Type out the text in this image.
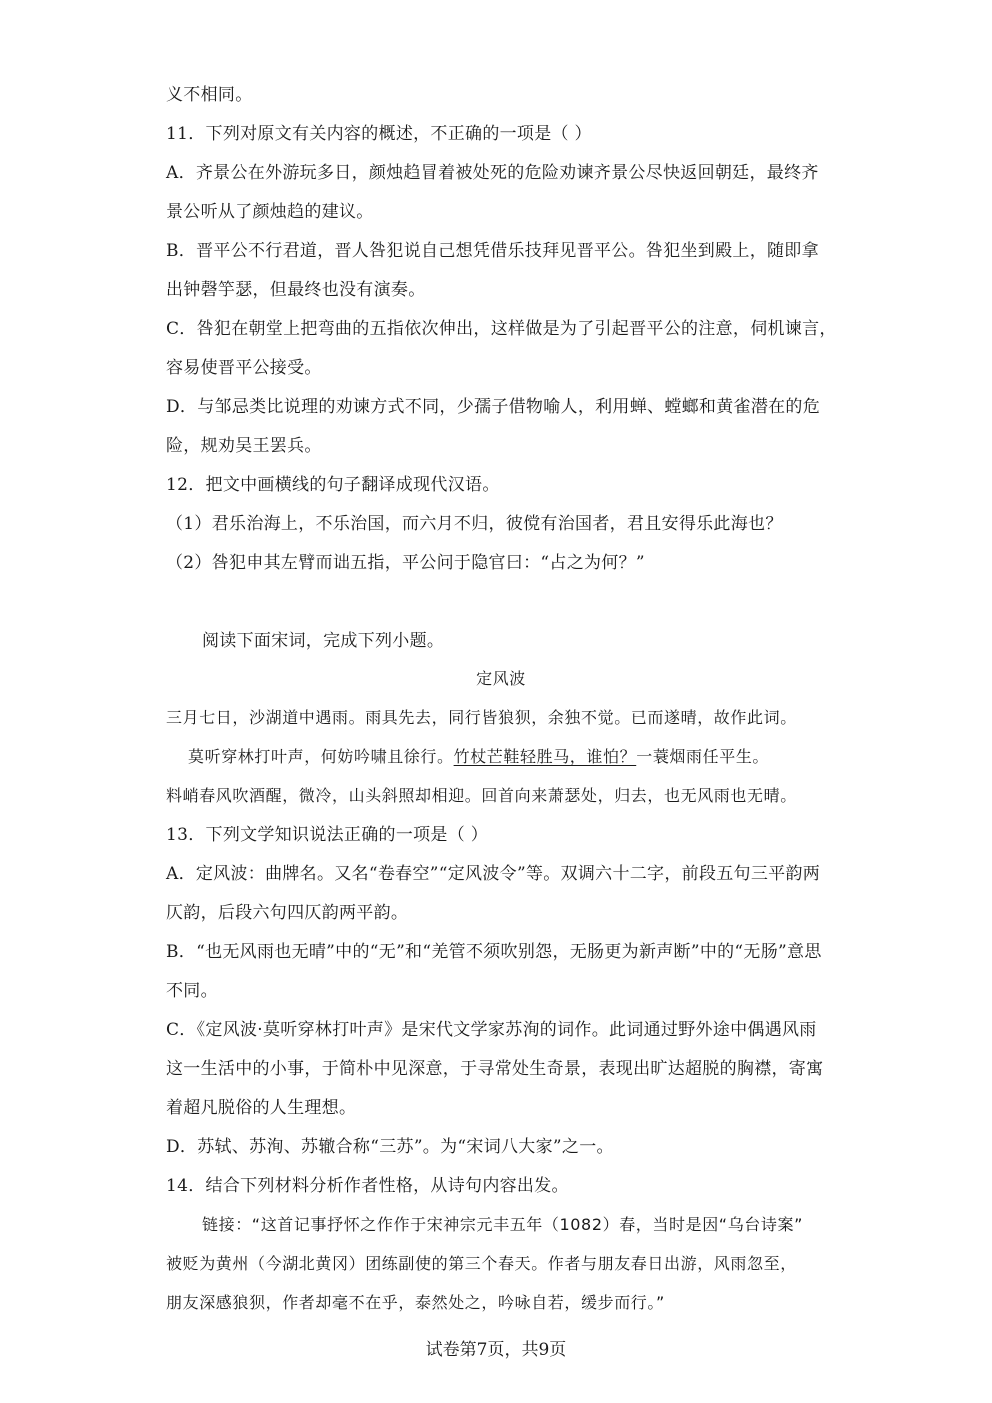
义不相同。
11．下列对原文有关内容的概述，不正确的一项是（ ）
A．齐景公在外游玩多日，颜烛趋冒着被处死的危险劝谏齐景公尽快返回朝廷，最终齐
景公听从了颜烛趋的建议。
B．晋平公不行君道，晋人咎犯说自己想凭借乐技拜见晋平公。咎犯坐到殿上，随即拿
出钟磬竽瑟，但最终也没有演奏。
C．咎犯在朝堂上把弯曲的五指依次伸出，这样做是为了引起晋平公的注意，伺机谏言，
容易使晋平公接受。
D．与邹忌类比说理的劝谏方式不同，少孺子借物喻人，利用蝉、螳螂和黄雀潜在的危
险，规劝吴王罢兵。
12．把文中画横线的句子翻译成现代汉语。
（1）君乐治海上，不乐治国，而六月不归，彼傥有治国者，君且安得乐此海也？
（2）咎犯申其左臂而诎五指，平公问于隐官曰：“占之为何？”
阅读下面宋词，完成下列小题。
定风波
三月七日，沙湖道中遇雨。雨具先去，同行皆狼狈，余独不觉。已而遂晴，故作此词。
莫听穿林打叶声，何妨吟啸且徐行。竹杖芒鞋轻胜马，谁怕？一蓑烟雨任平生。
料峭春风吹酒醒，微冷，山头斜照却相迎。回首向来萧瑟处，归去，也无风雨也无晴。
13．下列文学知识说法正确的一项是（ ）
A．定风波：曲牌名。又名“卷春空”“定风波令”等。双调六十二字，前段五句三平韵两
仄韵，后段六句四仄韵两平韵。
B．“也无风雨也无晴”中的“无”和“羌管不须吹别怨，无肠更为新声断”中的“无肠”意思
不同。
C．《定风波·莫听穿林打叶声》是宋代文学家苏洵的词作。此词通过野外途中偶遇风雨
这一生活中的小事，于简朴中见深意，于寻常处生奇景，表现出旷达超脱的胸襟，寄寓
着超凡脱俗的人生理想。
D．苏轼、苏洵、苏辙合称“三苏”。为“宋词八大家”之一。
14．结合下列材料分析作者性格，从诗句内容出发。
链接：“这首记事抒怀之作作于宋神宗元丰五年（1082）春，当时是因“乌台诗案”
被贬为黄州（今湖北黄冈）团练副使的第三个春天。作者与朋友春日出游，风雨忽至，
朋友深感狼狈，作者却毫不在乎，泰然处之，吟咏自若，缓步而行。”
试卷第7页，共9页
